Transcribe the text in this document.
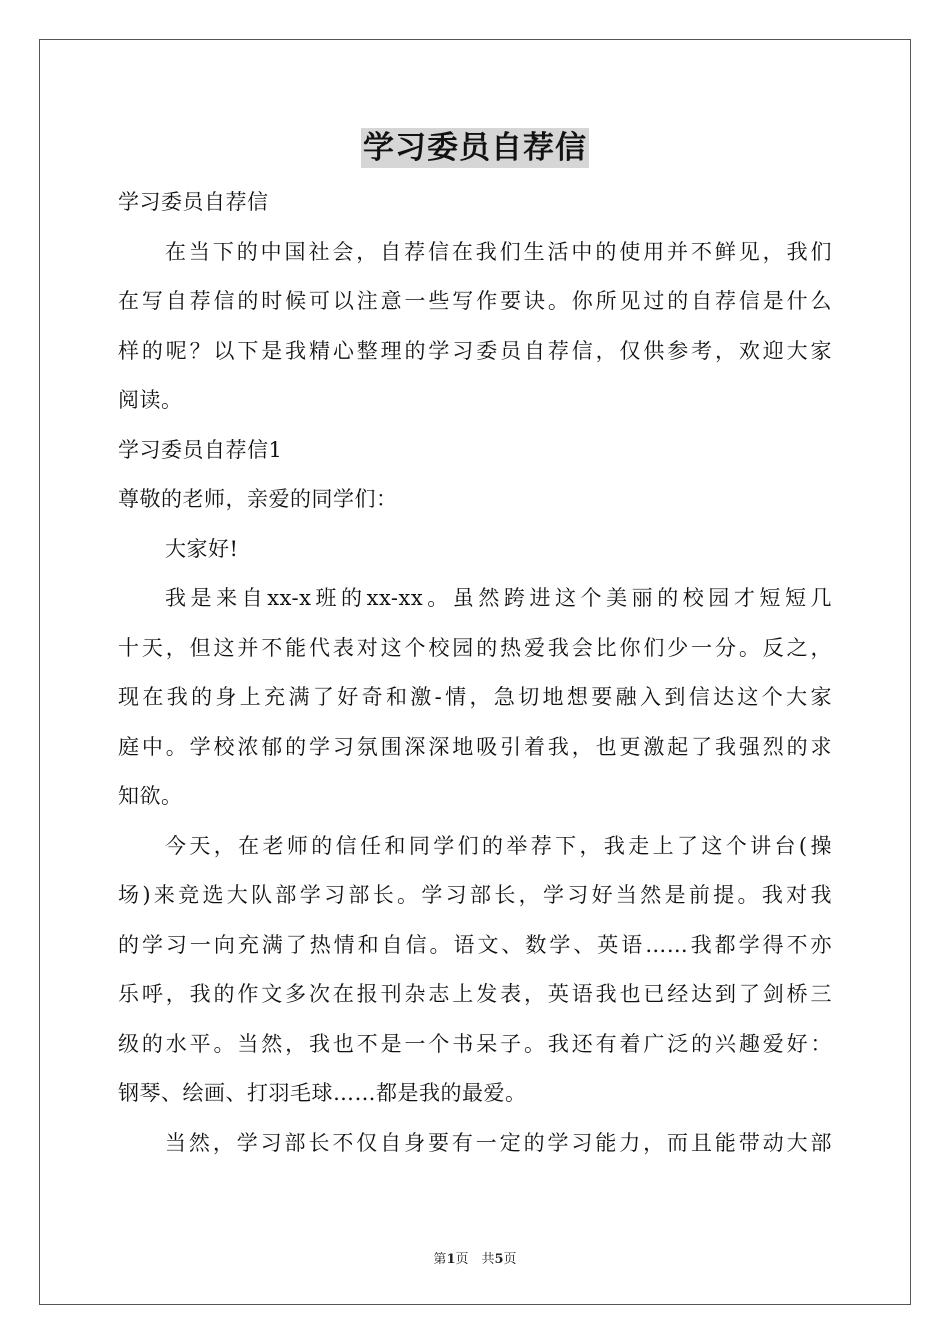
学习委员自荐信
学习委员自荐信
在当下的中国社会，自荐信在我们生活中的使用并不鲜见，我们
在写自荐信的时候可以注意一些写作要诀。你所见过的自荐信是什么
样的呢？以下是我精心整理的学习委员自荐信，仅供参考，欢迎大家
阅读。
学习委员自荐信1
尊敬的老师，亲爱的同学们：
大家好!
我是来自xx-x班的xx-xx。虽然跨进这个美丽的校园才短短几
十天，但这并不能代表对这个校园的热爱我会比你们少一分。反之，
现在我的身上充满了好奇和激-情，急切地想要融入到信达这个大家
庭中。学校浓郁的学习氛围深深地吸引着我，也更激起了我强烈的求
知欲。
今天，在老师的信任和同学们的举荐下，我走上了这个讲台(操
场)来竞选大队部学习部长。学习部长，学习好当然是前提。我对我
的学习一向充满了热情和自信。语文、数学、英语……我都学得不亦
乐呼，我的作文多次在报刊杂志上发表，英语我也已经达到了剑桥三
级的水平。当然，我也不是一个书呆子。我还有着广泛的兴趣爱好：
钢琴、绘画、打羽毛球……都是我的最爱。
当然，学习部长不仅自身要有一定的学习能力，而且能带动大部
第1页　共5页
